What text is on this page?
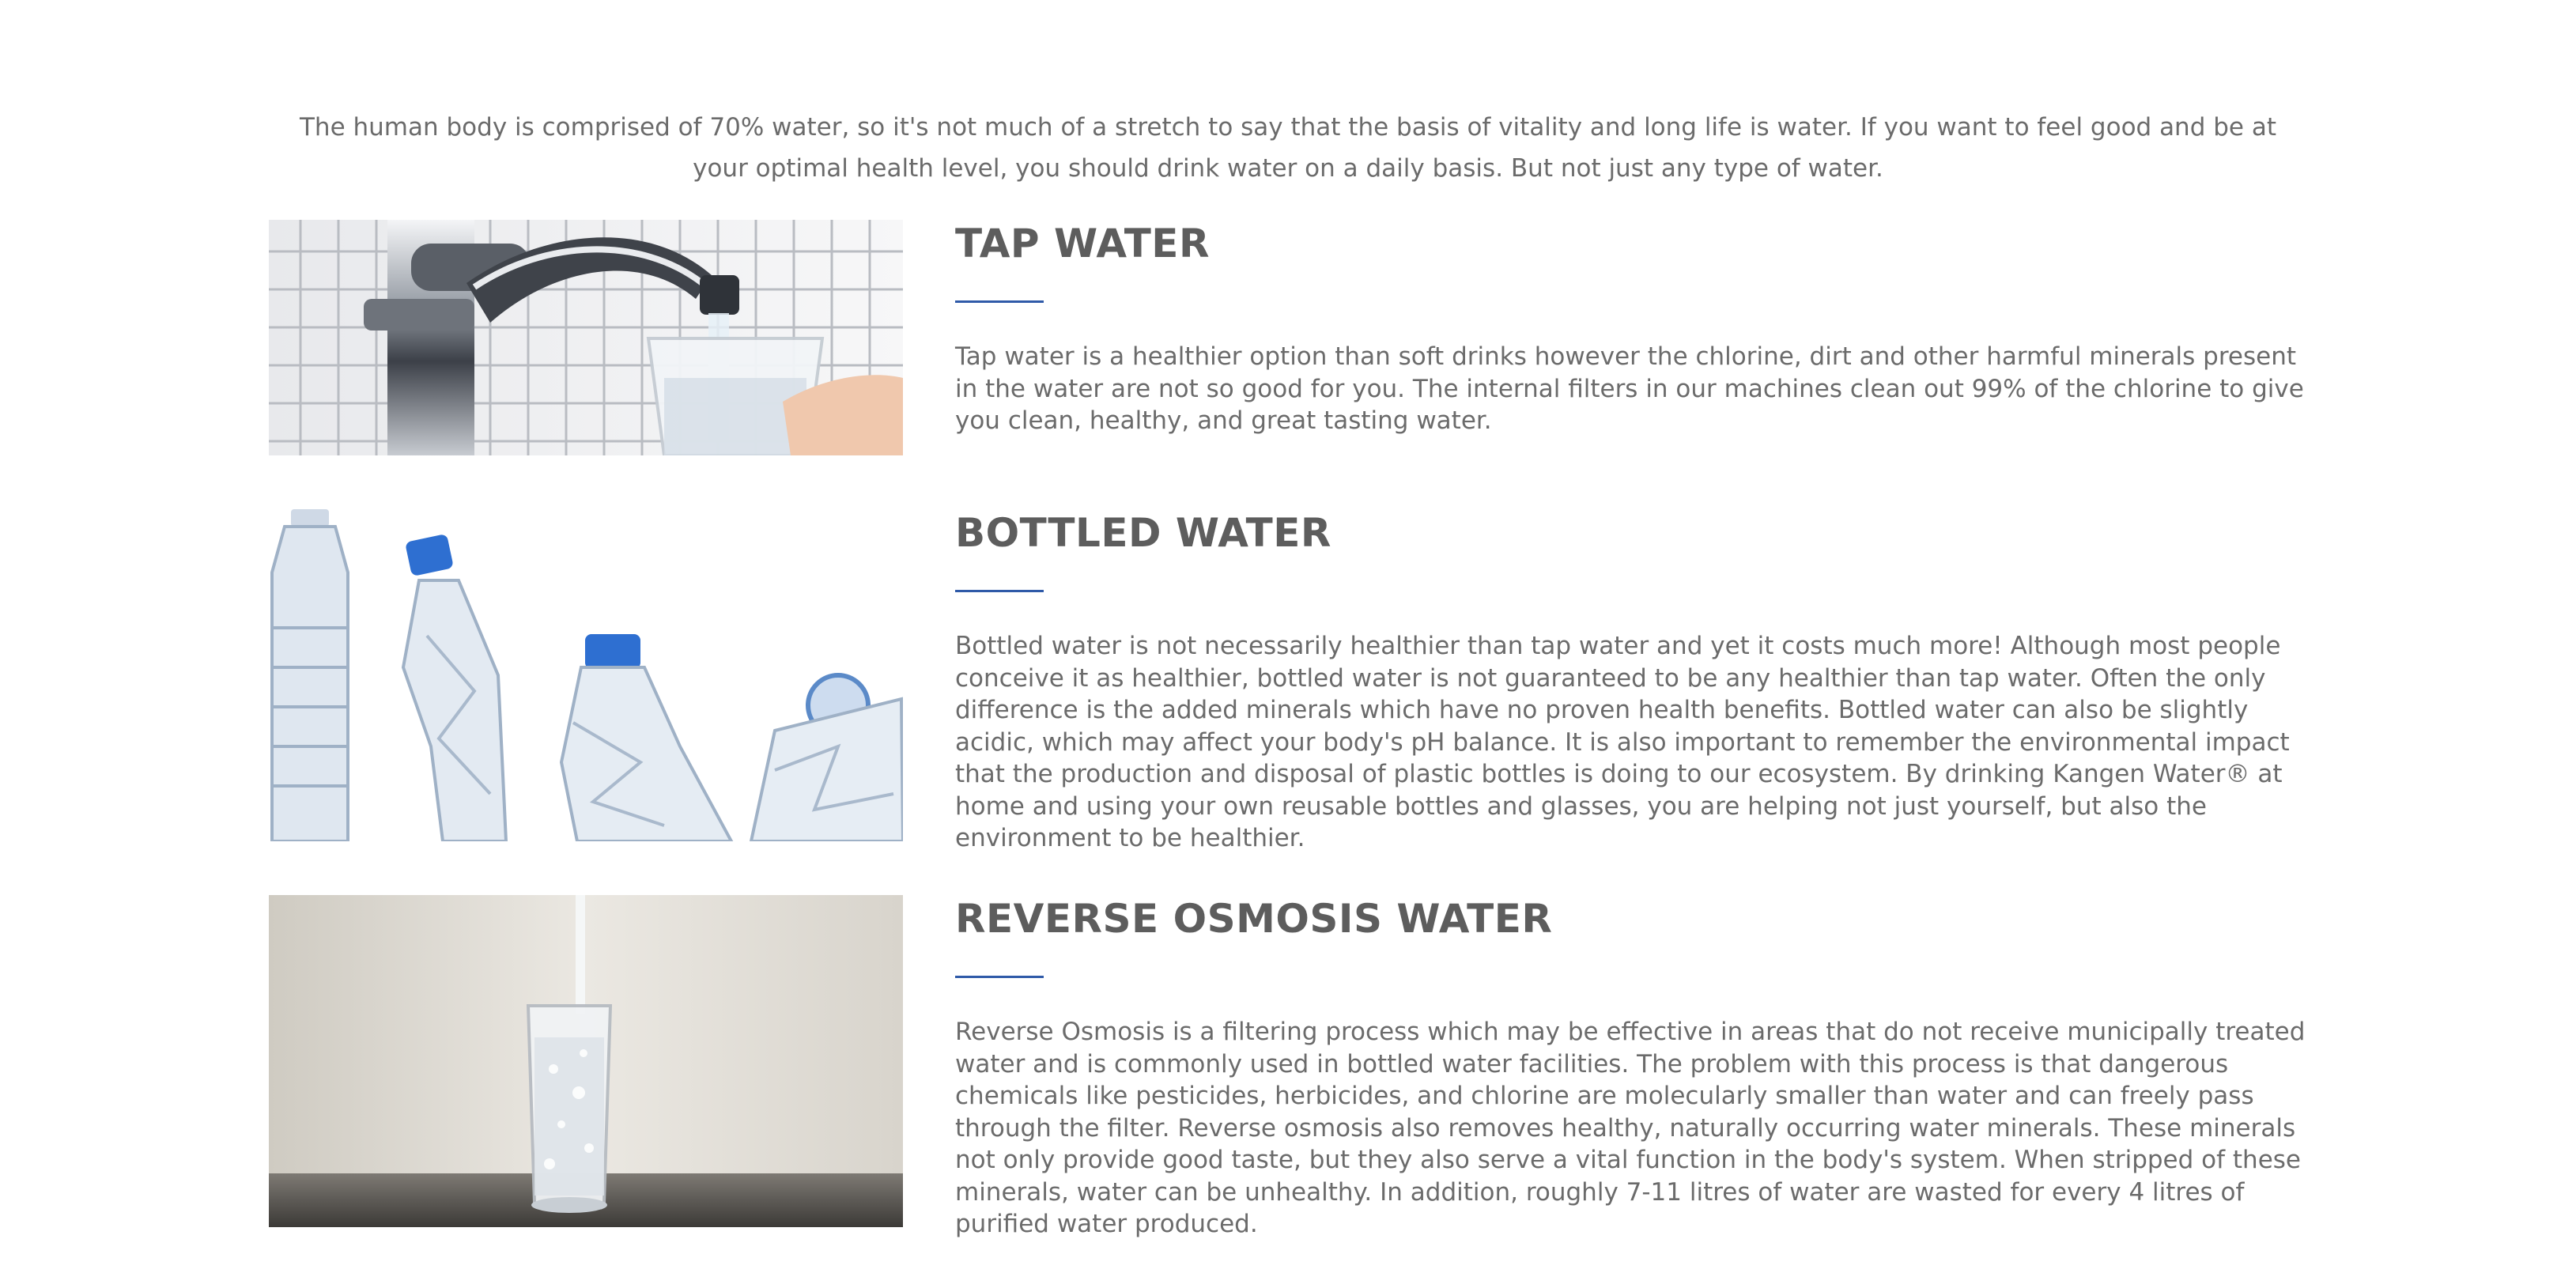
The human body is comprised of 70% water, so it's not much of a stretch to say that the basis of vitality and long life is water. If you want to feel good and be at your optimal health level, you should drink water on a daily basis. But not just any type of water.

TAP WATER

Tap water is a healthier option than soft drinks however the chlorine, dirt and other harmful minerals present in the water are not so good for you. The internal filters in our machines clean out 99% of the chlorine to give you clean, healthy, and great tasting water.

BOTTLED WATER

Bottled water is not necessarily healthier than tap water and yet it costs much more! Although most people conceive it as healthier, bottled water is not guaranteed to be any healthier than tap water. Often the only difference is the added minerals which have no proven health benefits. Bottled water can also be slightly acidic, which may affect your body's pH balance. It is also important to remember the environmental impact that the production and disposal of plastic bottles is doing to our ecosystem. By drinking Kangen Water® at home and using your own reusable bottles and glasses, you are helping not just yourself, but also the environment to be healthier.

REVERSE OSMOSIS WATER

Reverse Osmosis is a filtering process which may be effective in areas that do not receive municipally treated water and is commonly used in bottled water facilities. The problem with this process is that dangerous chemicals like pesticides, herbicides, and chlorine are molecularly smaller than water and can freely pass through the filter. Reverse osmosis also removes healthy, naturally occurring water minerals. These minerals not only provide good taste, but they also serve a vital function in the body's system. When stripped of these minerals, water can be unhealthy. In addition, roughly 7-11 litres of water are wasted for every 4 litres of purified water produced.
